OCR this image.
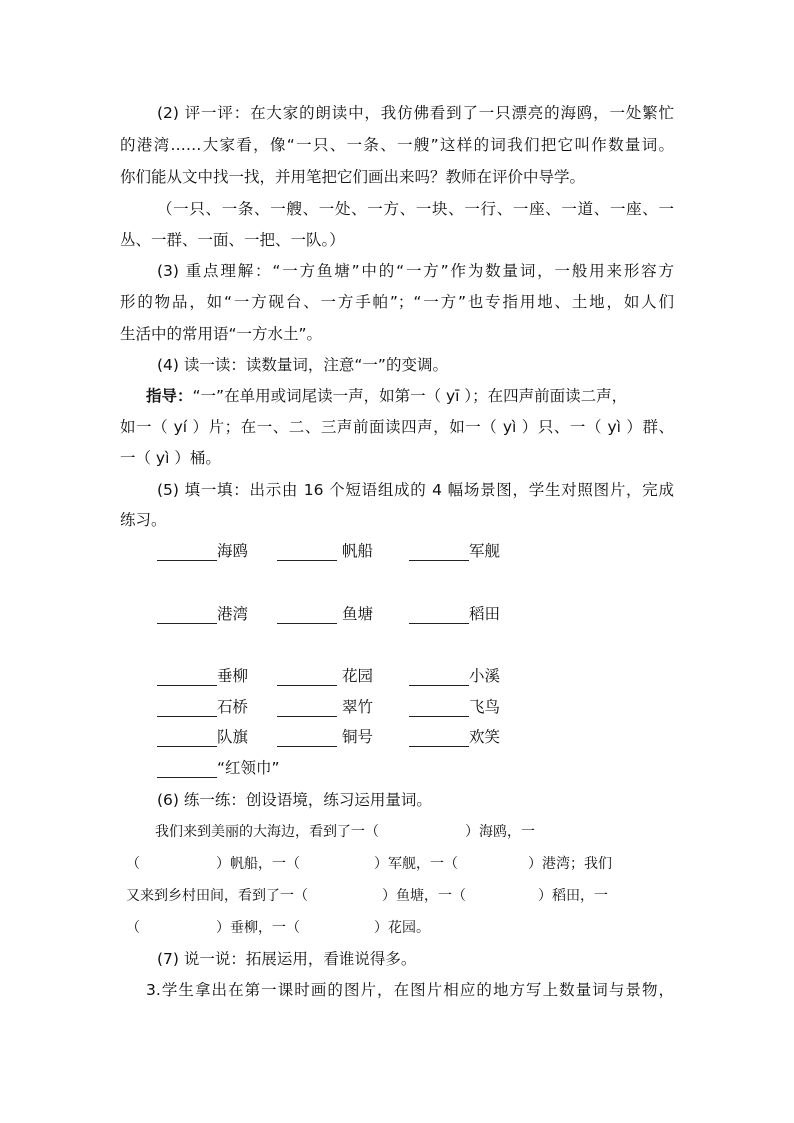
(2) 评一评：在大家的朗读中，我仿佛看到了一只漂亮的海鸥，一处繁忙
的港湾……大家看，像“一只、一条、一艘”这样的词我们把它叫作数量词。
你们能从文中找一找，并用笔把它们画出来吗？教师在评价中导学。
（一只、一条、一艘、一处、一方、一块、一行、一座、一道、一座、一
丛、一群、一面、一把、一队。）
(3) 重点理解：“一方鱼塘”中的“一方”作为数量词，一般用来形容方
形的物品，如“一方砚台、一方手帕”；“一方”也专指用地、土地，如人们
生活中的常用语“一方水土”。
(4) 读一读：读数量词，注意“一”的变调。
指导：“一”在单用或词尾读一声，如第一（ yī ）；在四声前面读二声，
如一（ yí ）片；在一、二、三声前面读四声，如一（ yì ）只、一（ yì ）群、
一（ yì ）桶。
(5) 填一填：出示由 16 个短语组成的 4 幅场景图，学生对照图片，完成
练习。
海鸥	帆船	军舰
港湾	鱼塘	稻田
垂柳	花园	小溪
石桥	翠竹	飞鸟
队旗	铜号	欢笑
“红领巾”
(6) 练一练：创设语境，练习运用量词。
我们来到美丽的大海边，看到了一（	）海鸥，一
（	）帆船，一（	）军舰，一（	）港湾；我们
又来到乡村田间，看到了一（	）鱼塘，一（	）稻田，一
（	）垂柳，一（	）花园。
(7) 说一说：拓展运用，看谁说得多。
3.学生拿出在第一课时画的图片，在图片相应的地方写上数量词与景物，
